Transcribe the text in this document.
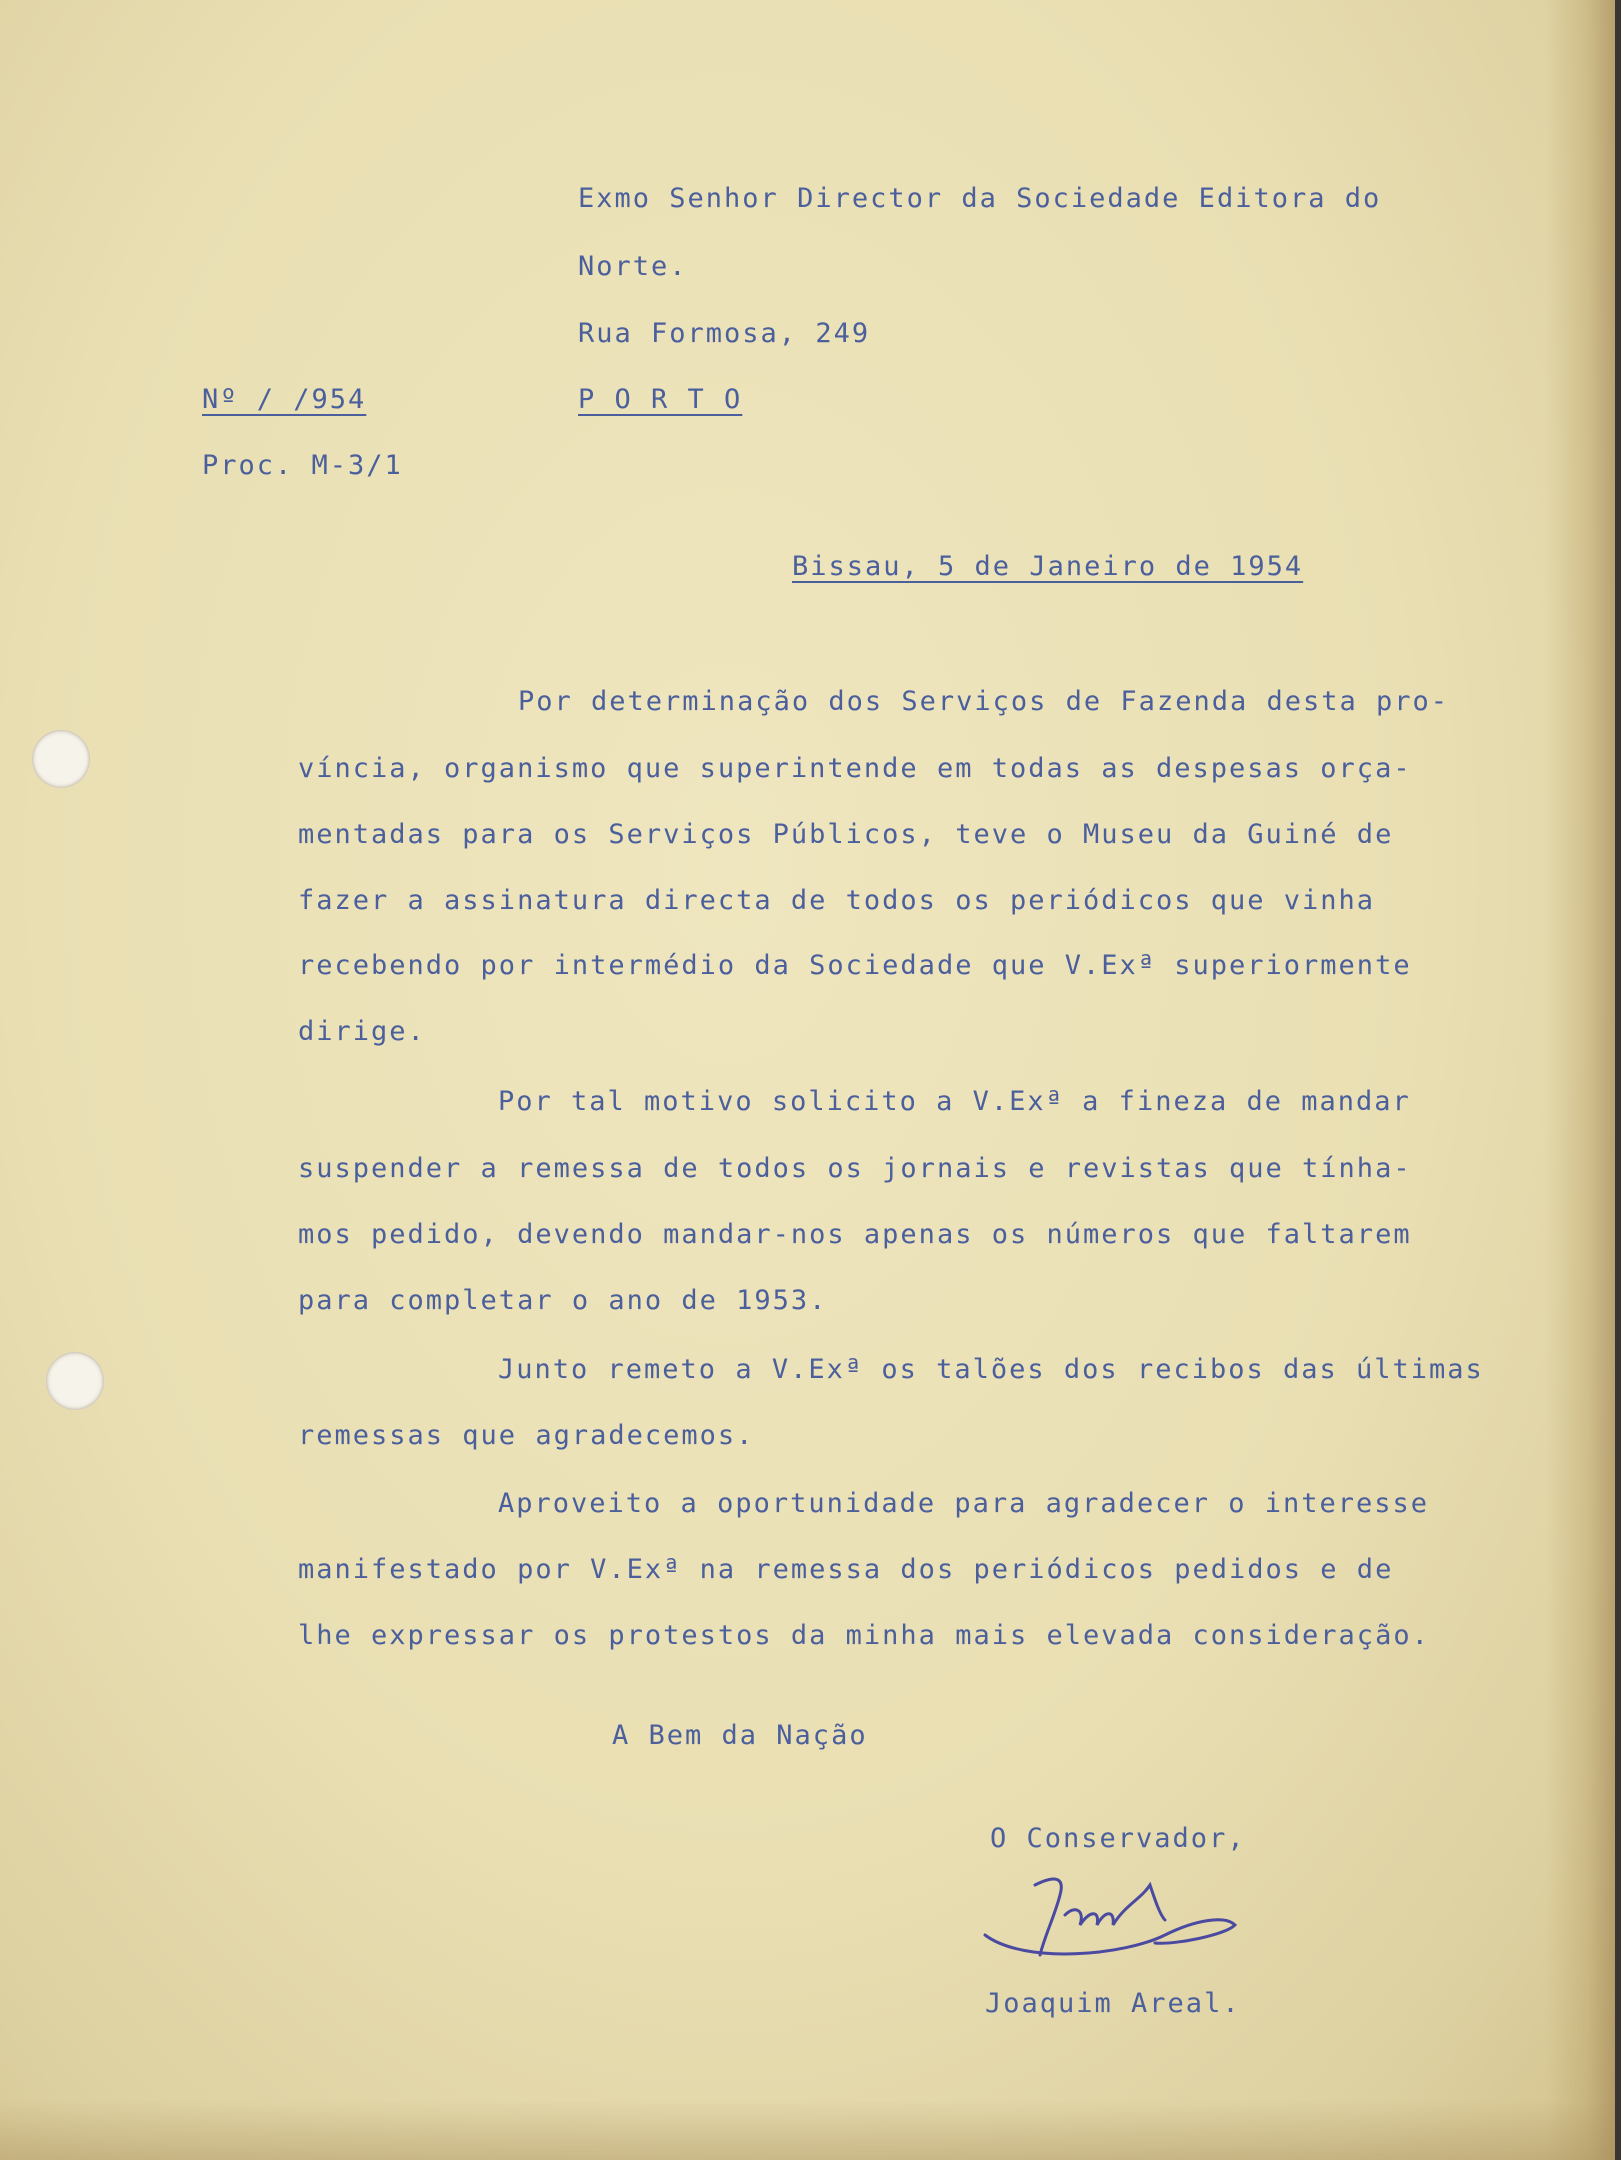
Exmo Senhor Director da Sociedade Editora do
Norte.
Rua Formosa, 249
P O R T O
Nº / /954
Proc. M-3/1
Bissau, 5 de Janeiro de 1954
Por determinação dos Serviços de Fazenda desta pro-
víncia, organismo que superintende em todas as despesas orça-
mentadas para os Serviços Públicos, teve o Museu da Guiné de
fazer a assinatura directa de todos os periódicos que vinha
recebendo por intermédio da Sociedade que V.Exª superiormente
dirige.
Por tal motivo solicito a V.Exª a fineza de mandar
suspender a remessa de todos os jornais e revistas que tínha-
mos pedido, devendo mandar-nos apenas os números que faltarem
para completar o ano de 1953.
Junto remeto a V.Exª os talões dos recibos das últimas
remessas que agradecemos.
Aproveito a oportunidade para agradecer o interesse
manifestado por V.Exª na remessa dos periódicos pedidos e de
lhe expressar os protestos da minha mais elevada consideração.
A Bem da Nação
O Conservador,
Joaquim Areal.
